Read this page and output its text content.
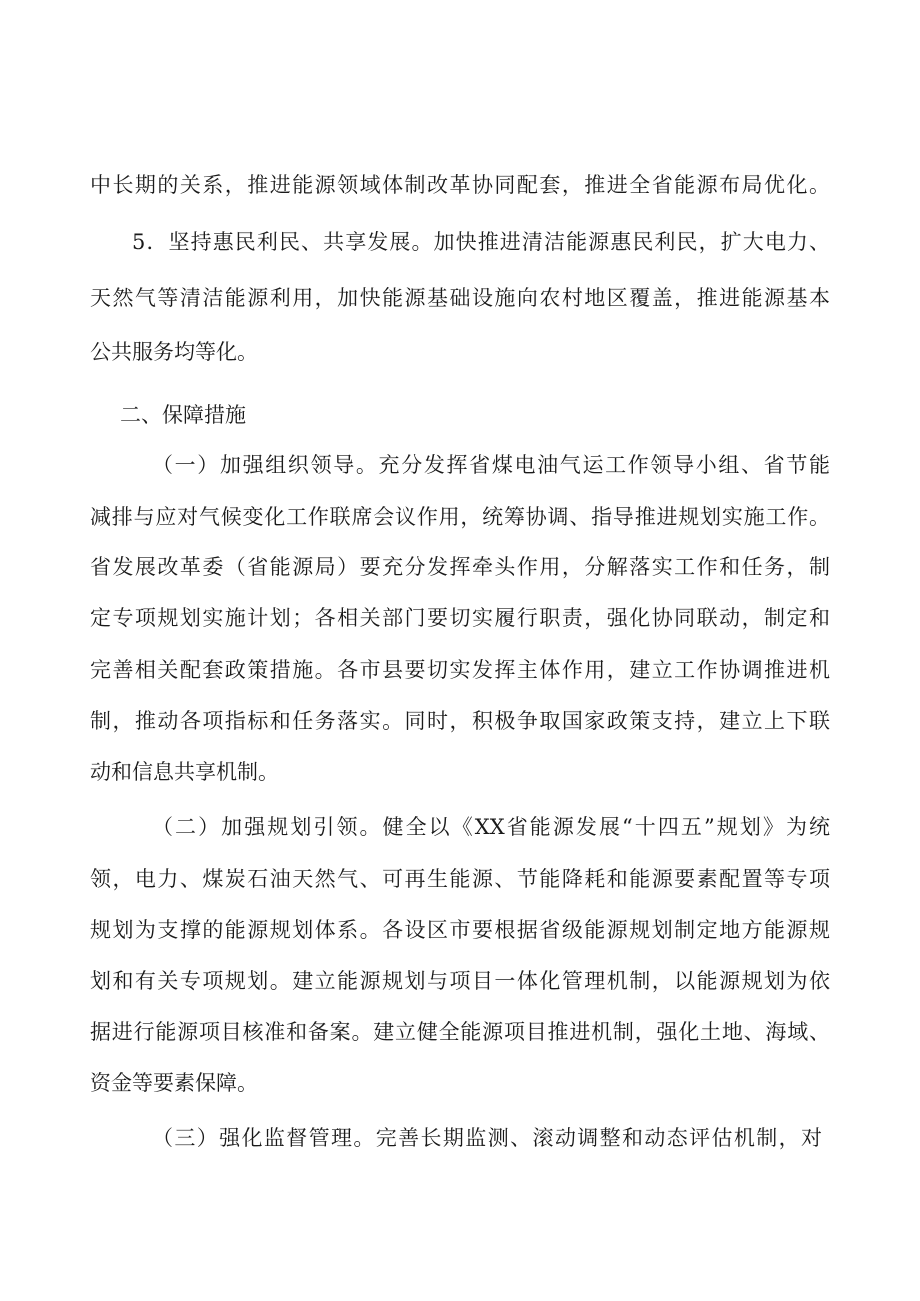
中长期的关系，推进能源领域体制改革协同配套，推进全省能源布局优化。
5．坚持惠民利民、共享发展。加快推进清洁能源惠民利民，扩大电力、
天然气等清洁能源利用，加快能源基础设施向农村地区覆盖，推进能源基本
公共服务均等化。
二、保障措施
（一）加强组织领导。充分发挥省煤电油气运工作领导小组、省节能
减排与应对气候变化工作联席会议作用，统筹协调、指导推进规划实施工作。
省发展改革委（省能源局）要充分发挥牵头作用，分解落实工作和任务，制
定专项规划实施计划；各相关部门要切实履行职责，强化协同联动，制定和
完善相关配套政策措施。各市县要切实发挥主体作用，建立工作协调推进机
制，推动各项指标和任务落实。同时，积极争取国家政策支持，建立上下联
动和信息共享机制。
（二）加强规划引领。健全以《XX省能源发展“十四五”规划》为统
领，电力、煤炭石油天然气、可再生能源、节能降耗和能源要素配置等专项
规划为支撑的能源规划体系。各设区市要根据省级能源规划制定地方能源规
划和有关专项规划。建立能源规划与项目一体化管理机制，以能源规划为依
据进行能源项目核准和备案。建立健全能源项目推进机制，强化土地、海域、
资金等要素保障。
（三）强化监督管理。完善长期监测、滚动调整和动态评估机制，对
